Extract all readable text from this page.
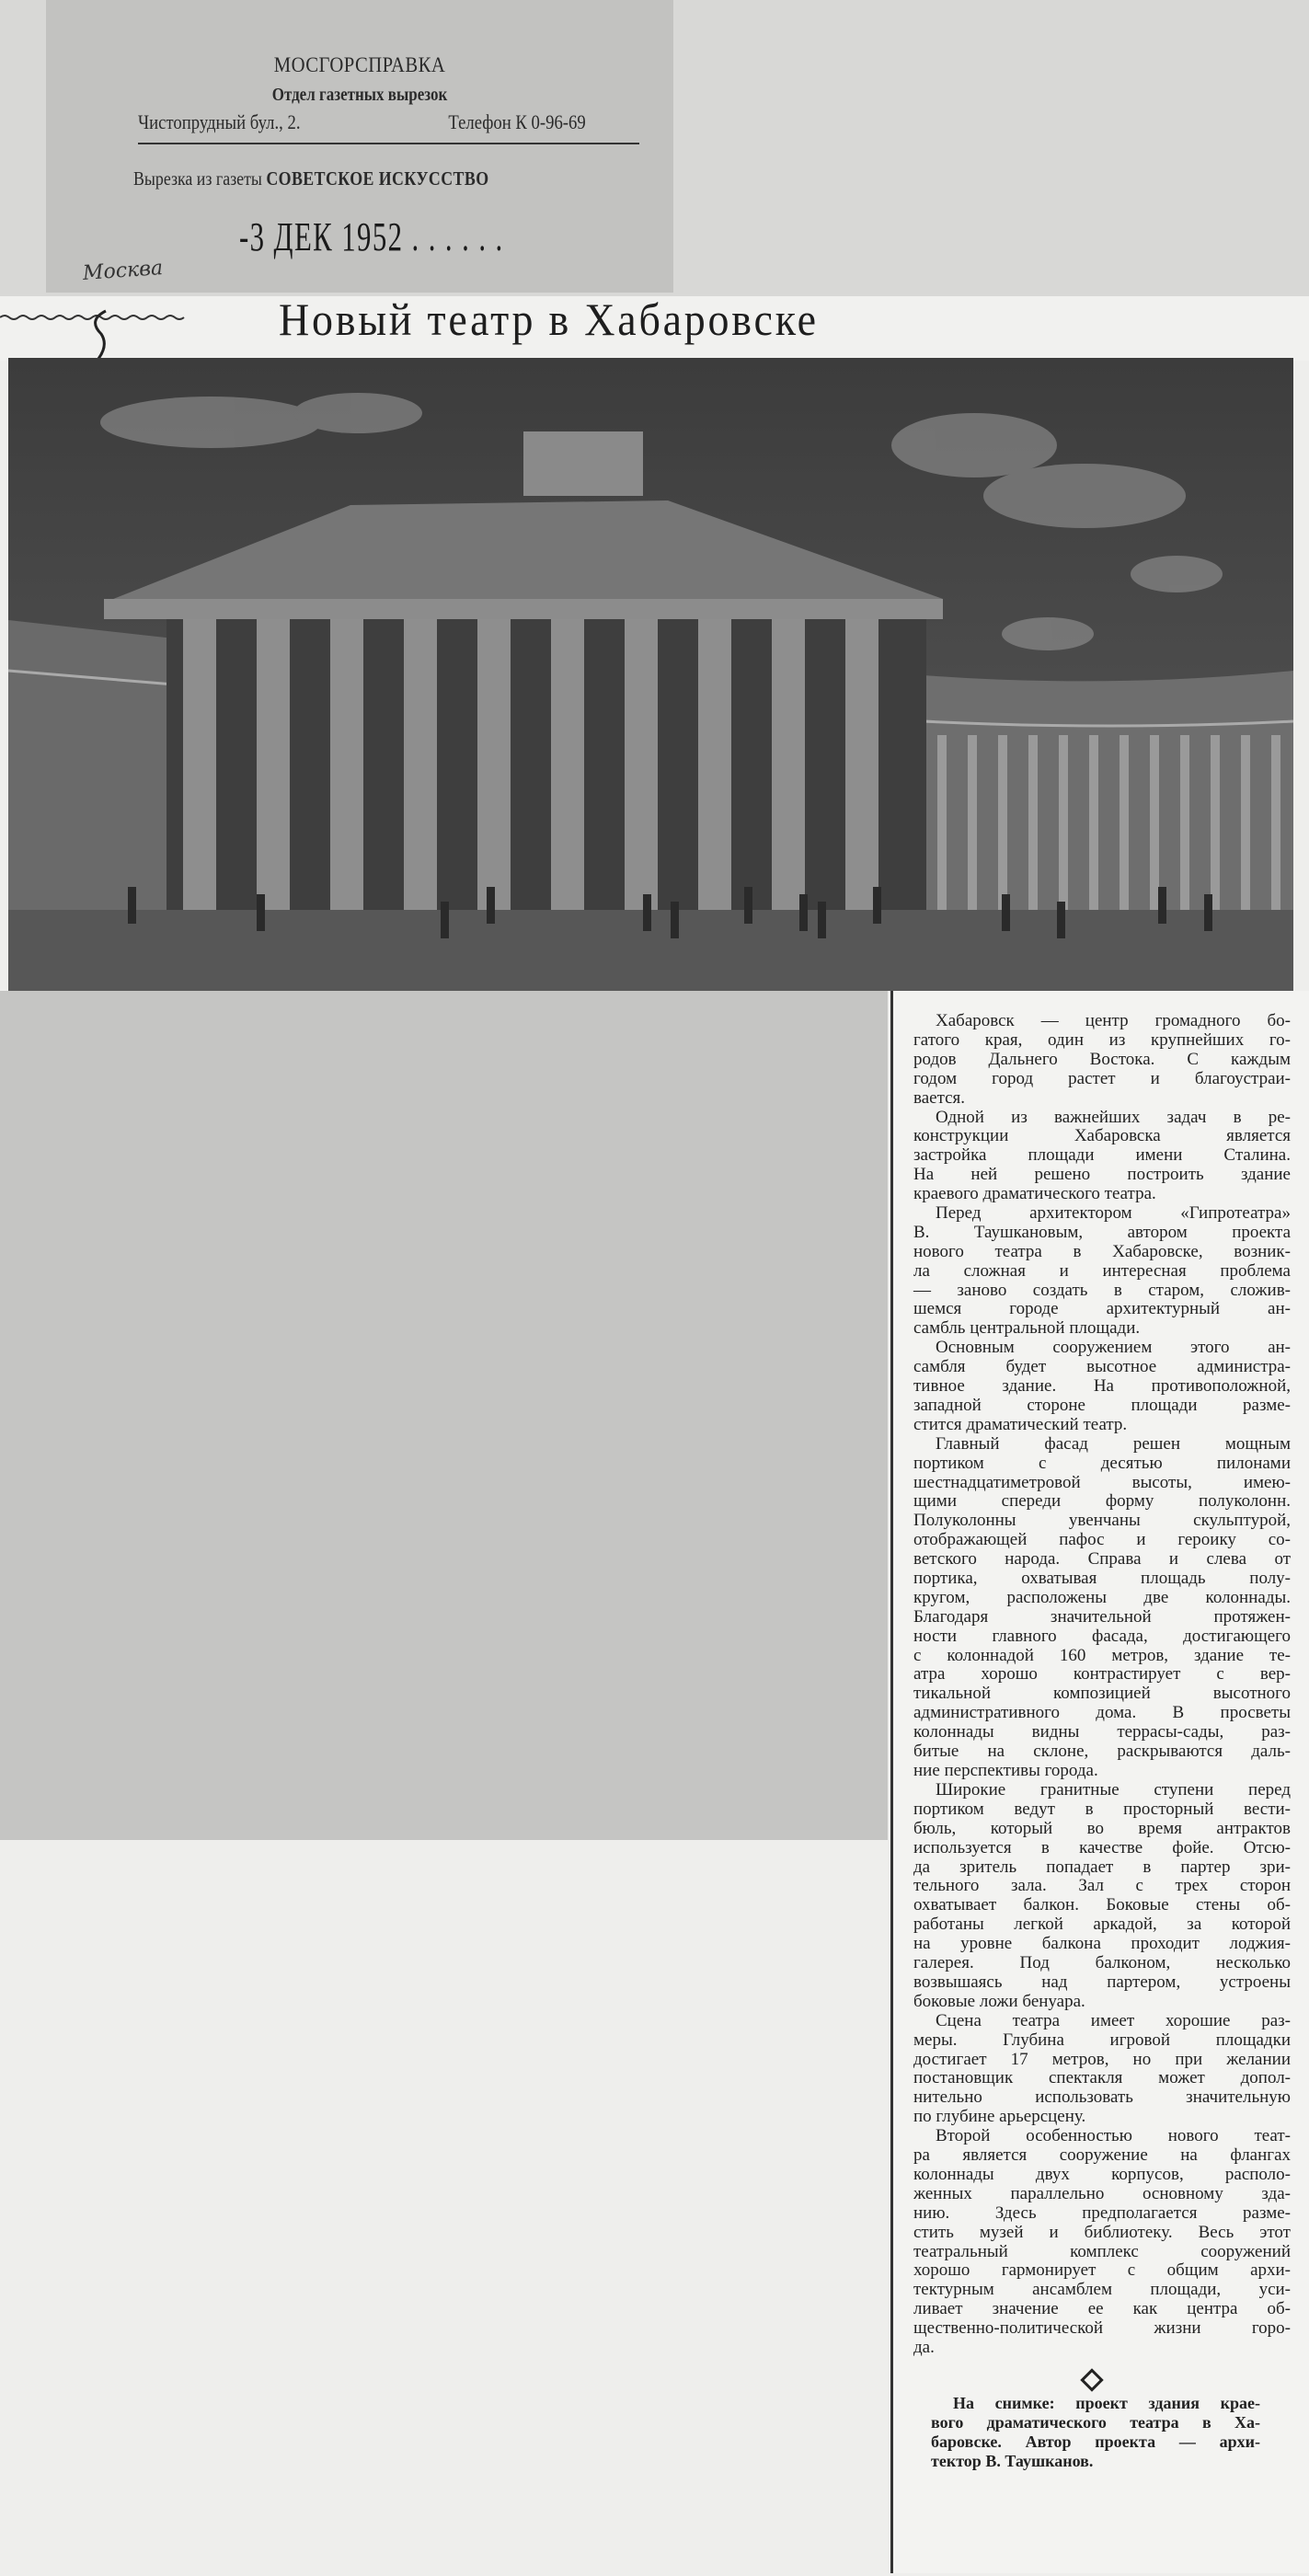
МОСГОРСПРАВКА
Отдел газетных вырезок
Чистопрудный бул., 2.	Телефон К 0-96-69
Вырезка из газеты СОВЕТСКОЕ ИСКУССТВО
-3 ДЕК 1952 . . . . . .
Москва
Новый театр в Хабаровске
Хабаровск — центр громадного бо-
гатого края, один из крупнейших го-
родов Дальнего Востока. С каждым
годом город растет и благоустраи-
вается.
Одной из важнейших задач в ре-
конструкции Хабаровска является
застройка площади имени Сталина.
На ней решено построить здание
краевого драматического театра.
Перед архитектором «Гипротеатра»
В. Таушкановым, автором проекта
нового театра в Хабаровске, возник-
ла сложная и интересная проблема
— заново создать в старом, сложив-
шемся городе архитектурный ан-
самбль центральной площади.
Основным сооружением этого ан-
самбля будет высотное администра-
тивное здание. На противоположной,
западной стороне площади разме-
стится драматический театр.
Главный фасад решен мощным
портиком с десятью пилонами
шестнадцатиметровой высоты, имею-
щими спереди форму полуколонн.
Полуколонны увенчаны скульптурой,
отображающей пафос и героику со-
ветского народа. Справа и слева от
портика, охватывая площадь полу-
кругом, расположены две колоннады.
Благодаря значительной протяжен-
ности главного фасада, достигающего
с колоннадой 160 метров, здание те-
атра хорошо контрастирует с вер-
тикальной композицией высотного
административного дома. В просветы
колоннады видны террасы-сады, раз-
битые на склоне, раскрываются даль-
ние перспективы города.
Широкие гранитные ступени перед
портиком ведут в просторный вести-
бюль, который во время антрактов
используется в качестве фойе. Отсю-
да зритель попадает в партер зри-
тельного зала. Зал с трех сторон
охватывает балкон. Боковые стены об-
работаны легкой аркадой, за которой
на уровне балкона проходит лоджия-
галерея. Под балконом, несколько
возвышаясь над партером, устроены
боковые ложи бенуара.
Сцена театра имеет хорошие раз-
меры. Глубина игровой площадки
достигает 17 метров, но при желании
постановщик спектакля может допол-
нительно использовать значительную
по глубине арьерсцену.
Второй особенностью нового теат-
ра является сооружение на флангах
колоннады двух корпусов, располо-
женных параллельно основному зда-
нию. Здесь предполагается разме-
стить музей и библиотеку. Весь этот
театральный комплекс сооружений
хорошо гармонирует с общим архи-
тектурным ансамблем площади, уси-
ливает значение ее как центра об-
щественно-политической жизни горо-
да.
На снимке: проект здания крае-
вого драматического театра в Ха-
баровске. Автор проекта — архи-
тектор В. Таушканов.
